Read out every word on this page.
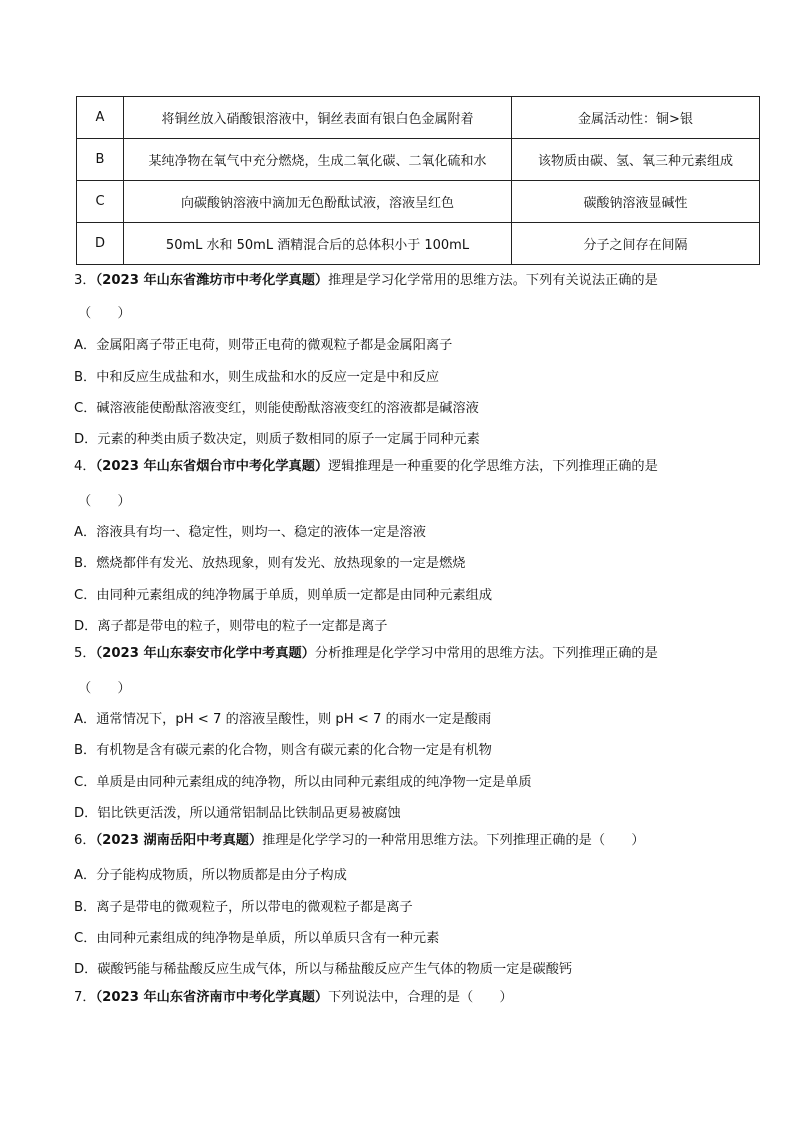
A	将铜丝放入硝酸银溶液中，铜丝表面有银白色金属附着	金属活动性：铜>银
B	某纯净物在氧气中充分燃烧，生成二氧化碳、二氧化硫和水	该物质由碳、氢、氧三种元素组成
C	向碳酸钠溶液中滴加无色酚酞试液，溶液呈红色	碳酸钠溶液显碱性
D	50mL 水和 50mL 酒精混合后的总体积小于 100mL	分子之间存在间隔
3．（2023 年山东省潍坊市中考化学真题）推理是学习化学常用的思维方法。下列有关说法正确的是
（　　）
A．金属阳离子带正电荷，则带正电荷的微观粒子都是金属阳离子
B．中和反应生成盐和水，则生成盐和水的反应一定是中和反应
C．碱溶液能使酚酞溶液变红，则能使酚酞溶液变红的溶液都是碱溶液
D．元素的种类由质子数决定，则质子数相同的原子一定属于同种元素
4．（2023 年山东省烟台市中考化学真题）逻辑推理是一种重要的化学思维方法，下列推理正确的是
（　　）
A．溶液具有均一、稳定性，则均一、稳定的液体一定是溶液
B．燃烧都伴有发光、放热现象，则有发光、放热现象的一定是燃烧
C．由同种元素组成的纯净物属于单质，则单质一定都是由同种元素组成
D．离子都是带电的粒子，则带电的粒子一定都是离子
5．（2023 年山东泰安市化学中考真题）分析推理是化学学习中常用的思维方法。下列推理正确的是
（　　）
A．通常情况下，pH < 7 的溶液呈酸性，则 pH < 7 的雨水一定是酸雨
B．有机物是含有碳元素的化合物，则含有碳元素的化合物一定是有机物
C．单质是由同种元素组成的纯净物，所以由同种元素组成的纯净物一定是单质
D．铝比铁更活泼，所以通常铝制品比铁制品更易被腐蚀
6．（2023 湖南岳阳中考真题）推理是化学学习的一种常用思维方法。下列推理正确的是（　　）
A．分子能构成物质，所以物质都是由分子构成
B．离子是带电的微观粒子，所以带电的微观粒子都是离子
C．由同种元素组成的纯净物是单质，所以单质只含有一种元素
D．碳酸钙能与稀盐酸反应生成气体，所以与稀盐酸反应产生气体的物质一定是碳酸钙
7．（2023 年山东省济南市中考化学真题）下列说法中，合理的是（　　）
